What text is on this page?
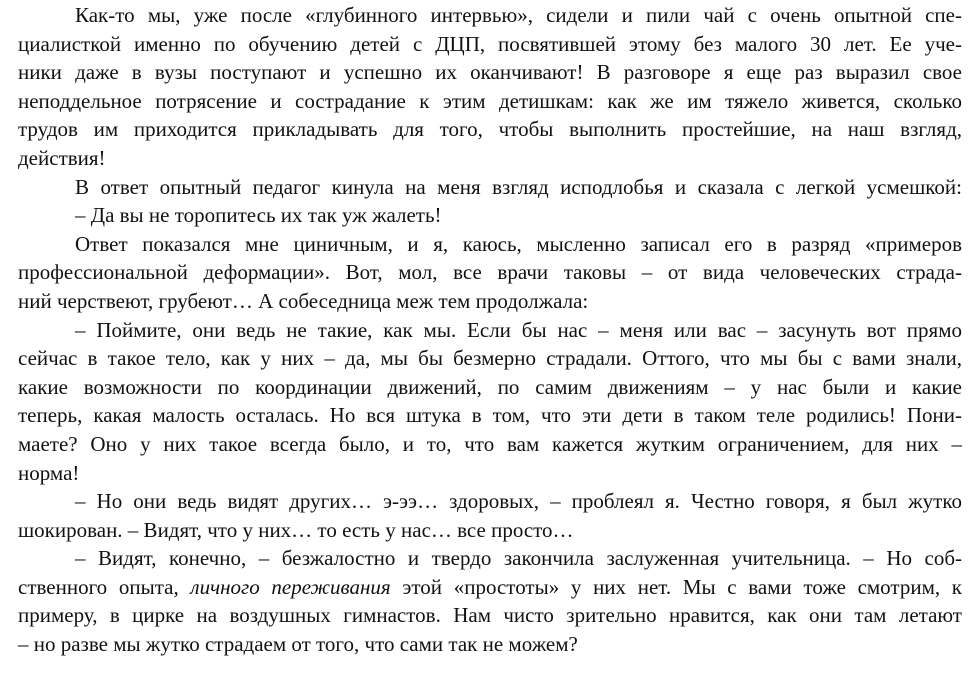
Как-то мы, уже после «глубинного интервью», сидели и пили чай с очень опытной спе-
циалисткой именно по обучению детей с ДЦП, посвятившей этому без малого 30 лет. Ее уче-
ники даже в вузы поступают и успешно их оканчивают! В разговоре я еще раз выразил свое
неподдельное потрясение и сострадание к этим детишкам: как же им тяжело живется, сколько
трудов им приходится прикладывать для того, чтобы выполнить простейшие, на наш взгляд,
действия!

В ответ опытный педагог кинула на меня взгляд исподлобья и сказала с легкой усмешкой:

– Да вы не торопитесь их так уж жалеть!

Ответ показался мне циничным, и я, каюсь, мысленно записал его в разряд «примеров
профессиональной деформации». Вот, мол, все врачи таковы – от вида человеческих страда-
ний черствеют, грубеют… А собеседница меж тем продолжала:

– Поймите, они ведь не такие, как мы. Если бы нас – меня или вас – засунуть вот прямо
сейчас в такое тело, как у них – да, мы бы безмерно страдали. Оттого, что мы бы с вами знали,
какие возможности по координации движений, по самим движениям – у нас были и какие
теперь, какая малость осталась. Но вся штука в том, что эти дети в таком теле родились! Пони-
маете? Оно у них такое всегда было, и то, что вам кажется жутким ограничением, для них –
норма!

– Но они ведь видят других… э-ээ… здоровых, – проблеял я. Честно говоря, я был жутко
шокирован. – Видят, что у них… то есть у нас… все просто…

– Видят, конечно, – безжалостно и твердо закончила заслуженная учительница. – Но соб-
ственного опыта, личного переживания этой «простоты» у них нет. Мы с вами тоже смотрим, к
примеру, в цирке на воздушных гимнастов. Нам чисто зрительно нравится, как они там летают
– но разве мы жутко страдаем от того, что сами так не можем?
